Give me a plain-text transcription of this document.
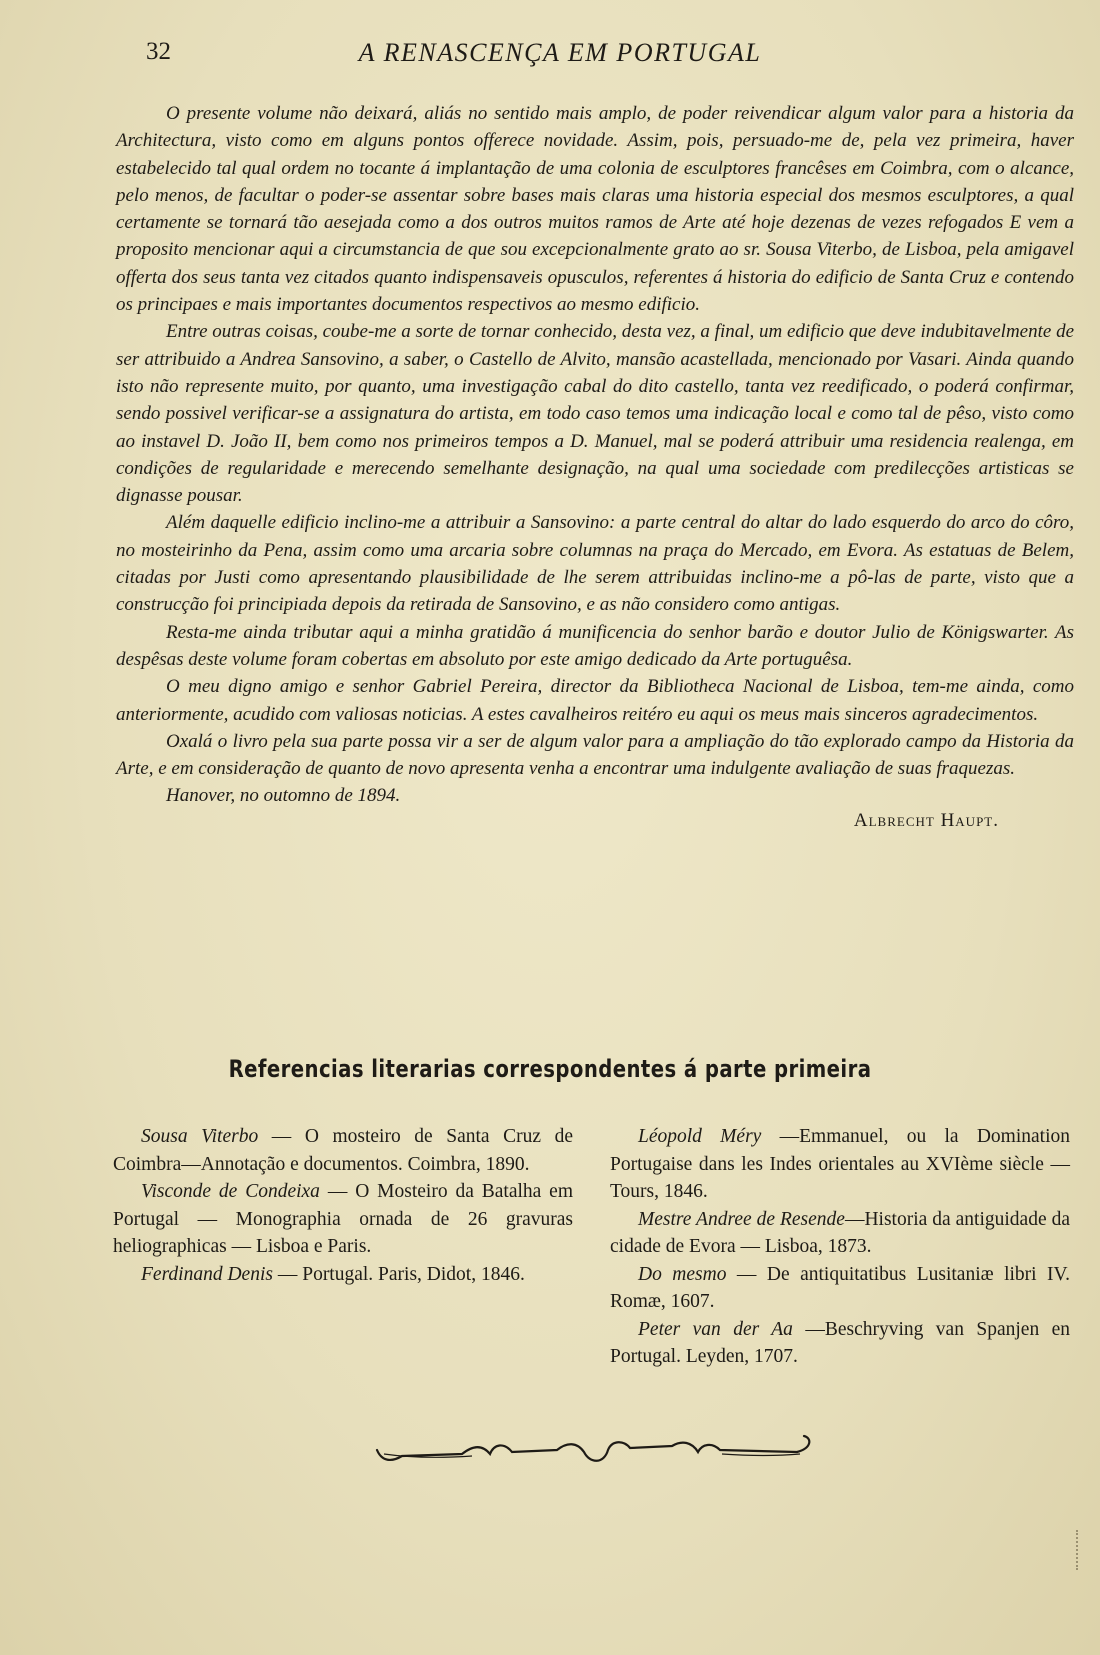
32	A RENASCENÇA EM PORTUGAL

O presente volume não deixará, aliás no sentido mais amplo, de poder reivendicar algum valor para a historia da Architectura, visto como em alguns pontos offerece novidade. Assim, pois, persuado-me de, pela vez primeira, haver estabelecido tal qual ordem no tocante á implantação de uma colonia de esculptores francêses em Coimbra, com o alcance, pelo menos, de facultar o poder-se assentar sobre bases mais claras uma historia especial dos mesmos esculptores, a qual certamente se tornará tão aesejada como a dos outros muitos ramos de Arte até hoje dezenas de vezes refogados E vem a proposito mencionar aqui a circumstancia de que sou excepcionalmente grato ao sr. Sousa Viterbo, de Lisboa, pela amigavel offerta dos seus tanta vez citados quanto indispensaveis opusculos, referentes á historia do edificio de Santa Cruz e contendo os principaes e mais importantes documentos respectivos ao mesmo edificio.

Entre outras coisas, coube-me a sorte de tornar conhecido, desta vez, a final, um edificio que deve indubitavelmente de ser attribuido a Andrea Sansovino, a saber, o Castello de Alvito, mansão acastellada, mencionado por Vasari. Ainda quando isto não represente muito, por quanto, uma investigação cabal do dito castello, tanta vez reedificado, o poderá confirmar, sendo possivel verificar-se a assignatura do artista, em todo caso temos uma indicação local e como tal de pêso, visto como ao instavel D. João II, bem como nos primeiros tempos a D. Manuel, mal se poderá attribuir uma residencia realenga, em condições de regularidade e merecendo semelhante designação, na qual uma sociedade com predilecções artisticas se dignasse pousar.

Além daquelle edificio inclino-me a attribuir a Sansovino: a parte central do altar do lado esquerdo do arco do côro, no mosteirinho da Pena, assim como uma arcaria sobre columnas na praça do Mercado, em Evora. As estatuas de Belem, citadas por Justi como apresentando plausibilidade de lhe serem attribuidas inclino-me a pô-las de parte, visto que a construcção foi principiada depois da retirada de Sansovino, e as não considero como antigas.

Resta-me ainda tributar aqui a minha gratidão á munificencia do senhor barão e doutor Julio de Königswarter. As despêsas deste volume foram cobertas em absoluto por este amigo dedicado da Arte portuguêsa.

O meu digno amigo e senhor Gabriel Pereira, director da Bibliotheca Nacional de Lisboa, tem-me ainda, como anteriormente, acudido com valiosas noticias. A estes cavalheiros reitéro eu aqui os meus mais sinceros agradecimentos.

Oxalá o livro pela sua parte possa vir a ser de algum valor para a ampliação do tão explorado campo da Historia da Arte, e em consideração de quanto de novo apresenta venha a encontrar uma indulgente avaliação de suas fraquezas.

Hanover, no outomno de 1894.
Albrecht Haupt.
Referencias literarias correspondentes á parte primeira

Sousa Viterbo — O mosteiro de Santa Cruz de Coimbra—Annotação e documentos. Coimbra, 1890.

Visconde de Condeixa — O Mosteiro da Batalha em Portugal — Monographia ornada de 26 gravuras heliographicas — Lisboa e Paris.

Ferdinand Denis — Portugal. Paris, Didot, 1846.

Léopold Méry —Emmanuel, ou la Domination Portugaise dans les Indes orientales au XVIème siècle — Tours, 1846.

Mestre Andree de Resende—Historia da antiguidade da cidade de Evora — Lisboa, 1873.

Do mesmo — De antiquitatibus Lusitaniæ libri IV. Romæ, 1607.

Peter van der Aa —Beschryving van Spanjen en Portugal. Leyden, 1707.
